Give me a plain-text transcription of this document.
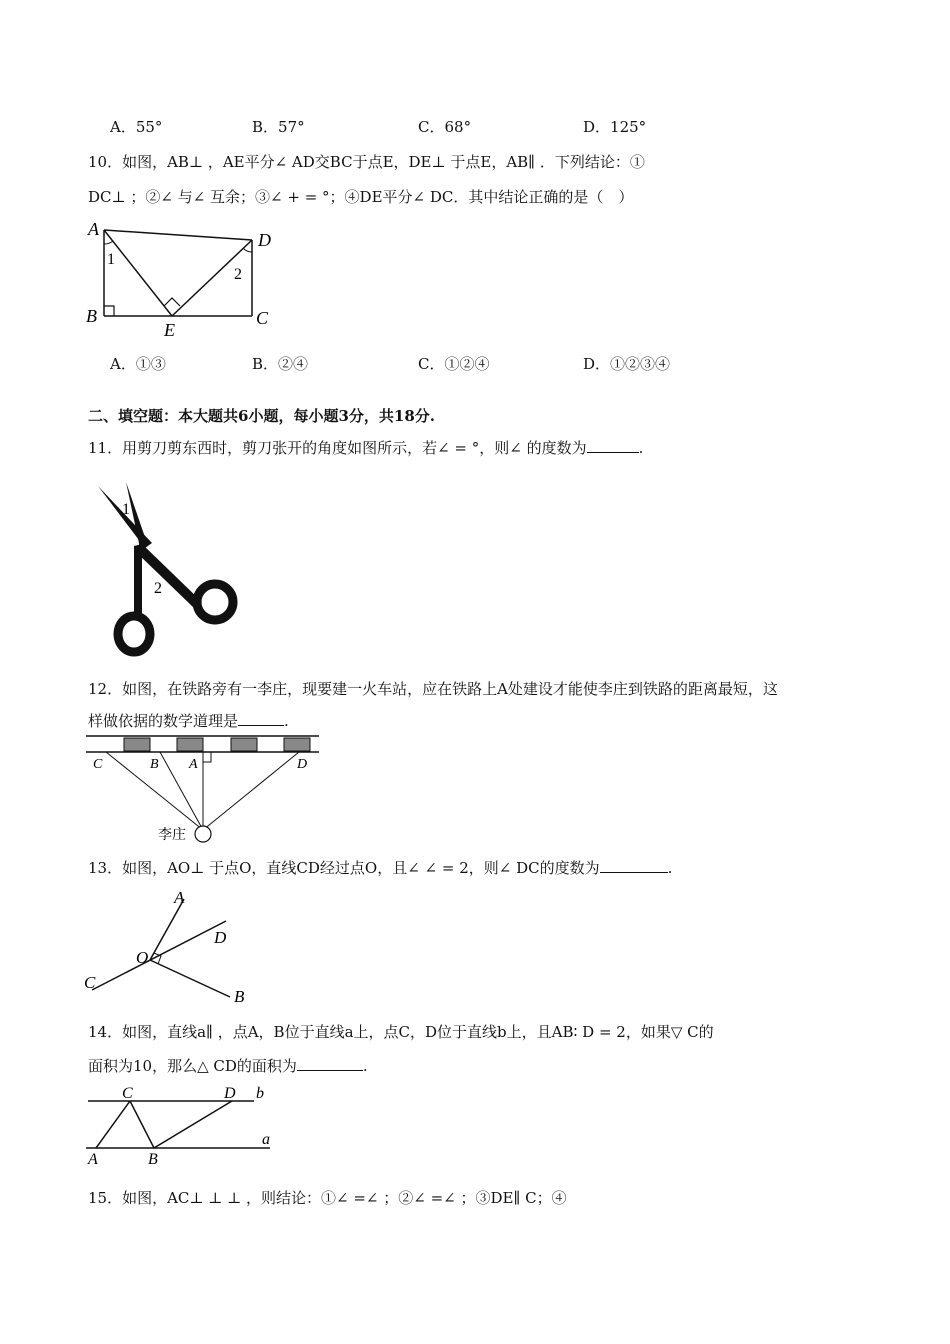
A．55°	B．57°	C．68°	D．125°
10．如图，AB⊥ ，AE平分∠ AD交BC于点E，DE⊥ 于点E，AB∥ ．下列结论：①
DC⊥ ；②∠ 与∠ 互余；③∠ + = °；④DE平分∠ DC．其中结论正确的是（　）
A
D
B	C
E
1
2
A．①③	B．②④	C．①②④	D．①②③④
二、填空题：本大题共6小题，每小题3分，共18分.
11．用剪刀剪东西时，剪刀张开的角度如图所示，若∠ = °，则∠ 的度数为	.
1
2
12．如图，在铁路旁有一李庄，现要建一火车站，应在铁路上A处建设才能使李庄到铁路的距离最短，这
样做依据的数学道理是	.
C	B A	D
李庄
13．如图，AO⊥ 于点O，直线CD经过点O，且∠ ∠ = 2，则∠ DC的度数为	.
A
D
O
C
B
14．如图，直线a∥ ，点A，B位于直线a上，点C，D位于直线b上，且AB∶ D = 2，如果▽ C的
面积为10，那么△ CD的面积为	.
C	D b
a
A	B
15．如图，AC⊥ ⊥ ⊥ ，则结论：①∠ =∠ ；②∠ =∠ ；③DE∥ C；④
